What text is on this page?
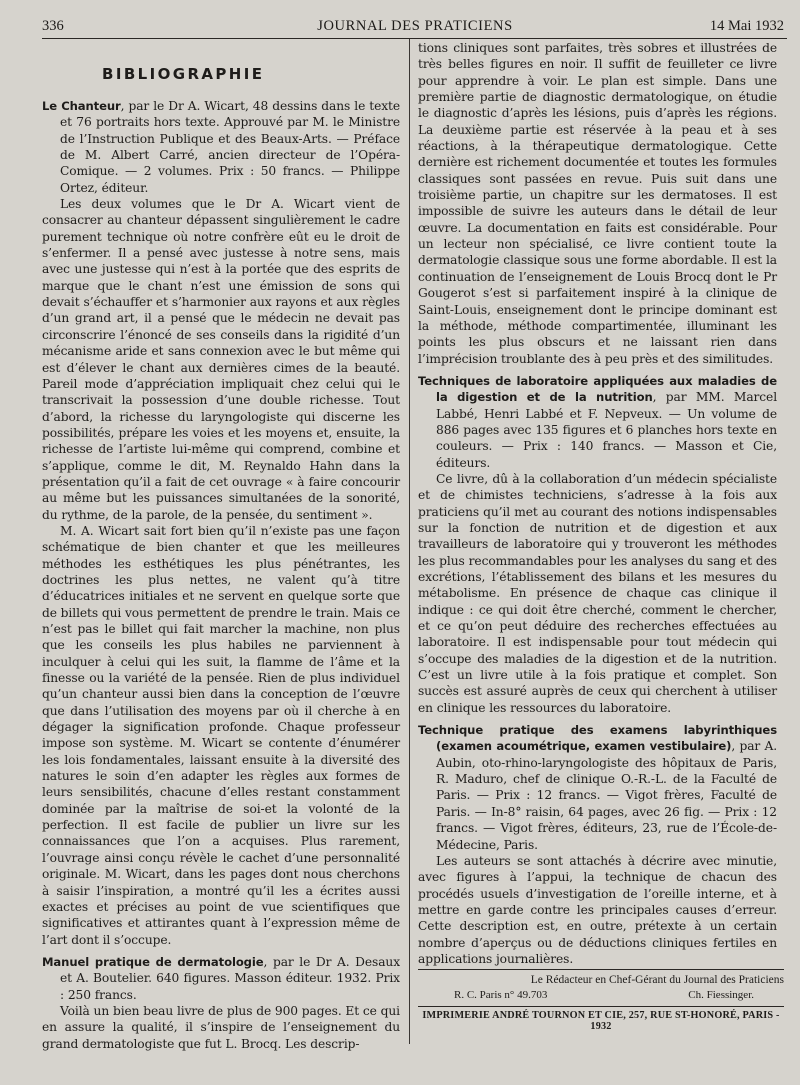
336	JOURNAL DES PRATICIENS	14 Mai 1932
BIBLIOGRAPHIE

Le Chanteur, par le Dr A. Wicart, 48 dessins dans le texte et 76 portraits hors texte. Approuvé par M. le Ministre de l’Instruction Publique et des Beaux-Arts. — Préface de M. Albert Carré, ancien directeur de l’Opéra-Comique. — 2 volumes. Prix : 50 francs. — Philippe Ortez, éditeur.

Les deux volumes que le Dr A. Wicart vient de consacrer au chanteur dépassent singulièrement le cadre purement technique où notre confrère eût eu le droit de s’enfermer. Il a pensé avec justesse à notre sens, mais avec une justesse qui n’est à la portée que des esprits de marque que le chant n’est une émission de sons qui devait s’échauffer et s’harmonier aux rayons et aux règles d’un grand art, il a pensé que le médecin ne devait pas circonscrire l’énoncé de ses conseils dans la rigidité d’un mécanisme aride et sans connexion avec le but même qui est d’élever le chant aux dernières cimes de la beauté. Pareil mode d’appréciation impliquait chez celui qui le transcrivait la possession d’une double richesse. Tout d’abord, la richesse du laryngologiste qui discerne les possibilités, prépare les voies et les moyens et, ensuite, la richesse de l’artiste lui-même qui comprend, combine et s’applique, comme le dit, M. Reynaldo Hahn dans la présentation qu’il a fait de cet ouvrage « à faire concourir au même but les puissances simultanées de la sonorité, du rythme, de la parole, de la pensée, du sentiment ».

M. A. Wicart sait fort bien qu’il n’existe pas une façon schématique de bien chanter et que les meilleures méthodes les esthétiques les plus pénétrantes, les doctrines les plus nettes, ne valent qu’à titre d’éducatrices initiales et ne servent en quelque sorte que de billets qui vous permettent de prendre le train. Mais ce n’est pas le billet qui fait marcher la machine, non plus que les conseils les plus habiles ne parviennent à inculquer à celui qui les suit, la flamme de l’âme et la finesse ou la variété de la pensée. Rien de plus individuel qu’un chanteur aussi bien dans la conception de l’œuvre que dans l’utilisation des moyens par où il cherche à en dégager la signification profonde. Chaque professeur impose son système. M. Wicart se contente d’énumérer les lois fondamentales, laissant ensuite à la diversité des natures le soin d’en adapter les règles aux formes de leurs sensibilités, chacune d’elles restant constamment dominée par la maîtrise de soi-et la volonté de la perfection. Il est facile de publier un livre sur les connaissances que l’on a acquises. Plus rarement, l’ouvrage ainsi conçu révèle le cachet d’une personnalité originale. M. Wicart, dans les pages dont nous cherchons à saisir l’inspiration, a montré qu’il les a écrites aussi exactes et précises au point de vue scientifiques que significatives et attirantes quant à l’expression même de l’art dont il s’occupe.

Manuel pratique de dermatologie, par le Dr A. Desaux et A. Boutelier. 640 figures. Masson éditeur. 1932. Prix : 250 francs.

Voilà un bien beau livre de plus de 900 pages. Et ce qui en assure la qualité, il s’inspire de l’enseignement du grand dermatologiste que fut L. Brocq. Les descrip-

tions cliniques sont parfaites, très sobres et illustrées de très belles figures en noir. Il suffit de feuilleter ce livre pour apprendre à voir. Le plan est simple. Dans une première partie de diagnostic dermatologique, on étudie le diagnostic d’après les lésions, puis d’après les régions. La deuxième partie est réservée à la peau et à ses réactions, à la thérapeutique dermatologique. Cette dernière est richement documentée et toutes les formules classiques sont passées en revue. Puis suit dans une troisième partie, un chapitre sur les dermatoses. Il est impossible de suivre les auteurs dans le détail de leur œuvre. La documentation en faits est considérable. Pour un lecteur non spécialisé, ce livre contient toute la dermatologie classique sous une forme abordable. Il est la continuation de l’enseignement de Louis Brocq dont le Pr Gougerot s’est si parfaitement inspiré à la clinique de Saint-Louis, enseignement dont le principe dominant est la méthode, méthode compartimentée, illuminant les points les plus obscurs et ne laissant rien dans l’imprécision troublante des à peu près et des similitudes.

Techniques de laboratoire appliquées aux maladies de la digestion et de la nutrition, par MM. Marcel Labbé, Henri Labbé et F. Nepveux. — Un volume de 886 pages avec 135 figures et 6 planches hors texte en couleurs. — Prix : 140 francs. — Masson et Cie, éditeurs.

Ce livre, dû à la collaboration d’un médecin spécialiste et de chimistes techniciens, s’adresse à la fois aux praticiens qu’il met au courant des notions indispensables sur la fonction de nutrition et de digestion et aux travailleurs de laboratoire qui y trouveront les méthodes les plus recommandables pour les analyses du sang et des excrétions, l’établissement des bilans et les mesures du métabolisme. En présence de chaque cas clinique il indique : ce qui doit être cherché, comment le chercher, et ce qu’on peut déduire des recherches effectuées au laboratoire. Il est indispensable pour tout médecin qui s’occupe des maladies de la digestion et de la nutrition. C’est un livre utile à la fois pratique et complet. Son succès est assuré auprès de ceux qui cherchent à utiliser en clinique les ressources du laboratoire.

Technique pratique des examens labyrinthiques (examen acoumétrique, examen vestibulaire), par A. Aubin, oto-rhino-laryngologiste des hôpitaux de Paris, R. Maduro, chef de clinique O.-R.-L. de la Faculté de Paris. — Prix : 12 francs. — Vigot frères, Faculté de Paris. — In-8° raisin, 64 pages, avec 26 fig. — Prix : 12 francs. — Vigot frères, éditeurs, 23, rue de l’École-de-Médecine, Paris.

Les auteurs se sont attachés à décrire avec minutie, avec figures à l’appui, la technique de chacun des procédés usuels d’investigation de l’oreille interne, et à mettre en garde contre les principales causes d’erreur. Cette description est, en outre, prétexte à un certain nombre d’aperçus ou de déductions cliniques fertiles en applications journalières.

Le Rédacteur en Chef-Gérant du Journal des Praticiens
R. C. Paris n° 49.703	Ch. Fiessinger.
IMPRIMERIE ANDRÉ TOURNON ET CIE, 257, RUE ST-HONORÉ, PARIS - 1932
